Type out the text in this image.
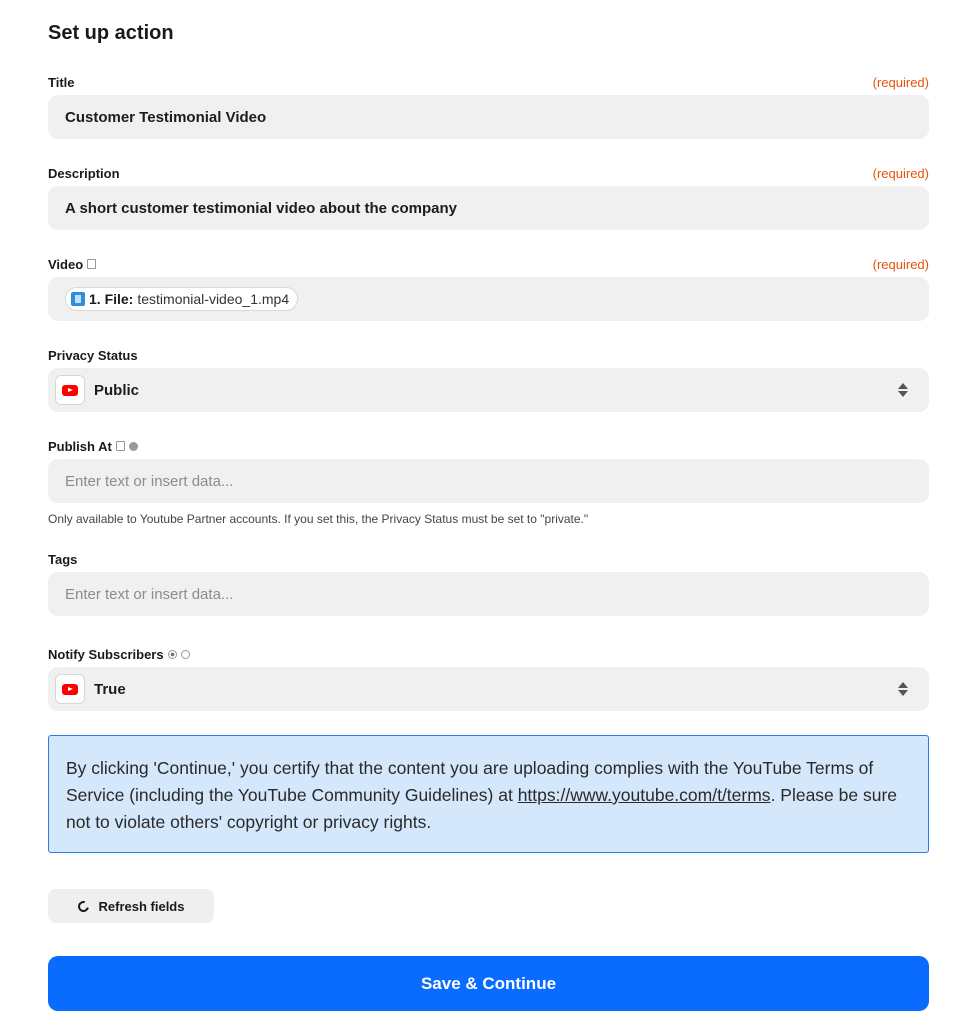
Set up action
Title	(required)
Customer Testimonial Video
Description	(required)
A short customer testimonial video about the company
Video	(required)
1. File: testimonial-video_1.mp4
Privacy Status
Public
Publish At
Enter text or insert data...
Only available to Youtube Partner accounts. If you set this, the Privacy Status must be set to "private."
Tags
Enter text or insert data...
Notify Subscribers
True
By clicking 'Continue,' you certify that the content you are uploading complies with the YouTube Terms of Service (including the YouTube Community Guidelines) at https://www.youtube.com/t/terms. Please be sure not to violate others' copyright or privacy rights.
Refresh fields
Save & Continue
